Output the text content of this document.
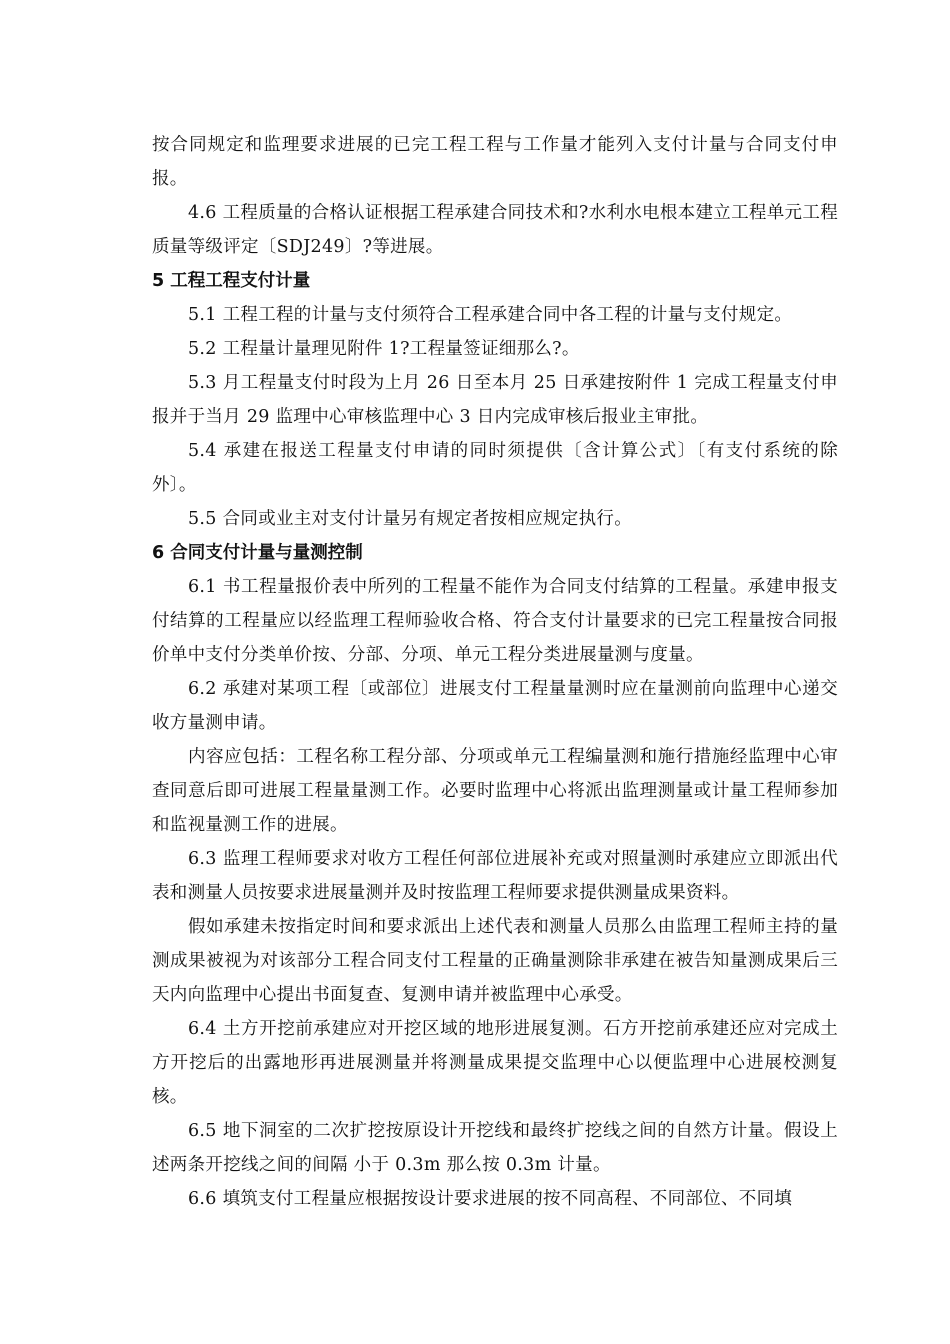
按合同规定和监理要求进展的已完工程工程与工作量才能列入支付计量与合同支付申报。

4.6 工程质量的合格认证根据工程承建合同技术和?水利水电根本建立工程单元工程质量等级评定〔SDJ249〕?等进展。

5 工程工程支付计量

5.1 工程工程的计量与支付须符合工程承建合同中各工程的计量与支付规定。

5.2 工程量计量理见附件 1?工程量签证细那么?。

5.3 月工程量支付时段为上月 26 日至本月 25 日承建按附件 1 完成工程量支付申报并于当月 29 监理中心审核监理中心 3 日内完成审核后报业主审批。

5.4 承建在报送工程量支付申请的同时须提供〔含计算公式〕〔有支付系统的除外〕。

5.5 合同或业主对支付计量另有规定者按相应规定执行。

6 合同支付计量与量测控制

6.1 书工程量报价表中所列的工程量不能作为合同支付结算的工程量。承建申报支付结算的工程量应以经监理工程师验收合格、符合支付计量要求的已完工程量按合同报价单中支付分类单价按、分部、分项、单元工程分类进展量测与度量。

6.2 承建对某项工程〔或部位〕进展支付工程量量测时应在量测前向监理中心递交收方量测申请。

内容应包括：工程名称工程分部、分项或单元工程编量测和施行措施经监理中心审查同意后即可进展工程量量测工作。必要时监理中心将派出监理测量或计量工程师参加和监视量测工作的进展。

6.3 监理工程师要求对收方工程任何部位进展补充或对照量测时承建应立即派出代表和测量人员按要求进展量测并及时按监理工程师要求提供测量成果资料。

假如承建未按指定时间和要求派出上述代表和测量人员那么由监理工程师主持的量测成果被视为对该部分工程合同支付工程量的正确量测除非承建在被告知量测成果后三天内向监理中心提出书面复查、复测申请并被监理中心承受。

6.4 土方开挖前承建应对开挖区域的地形进展复测。石方开挖前承建还应对完成土方开挖后的出露地形再进展测量并将测量成果提交监理中心以便监理中心进展校测复核。

6.5 地下洞室的二次扩挖按原设计开挖线和最终扩挖线之间的自然方计量。假设上述两条开挖线之间的间隔 小于 0.3m 那么按 0.3m 计量。

6.6 填筑支付工程量应根据按设计要求进展的按不同高程、不同部位、不同填
